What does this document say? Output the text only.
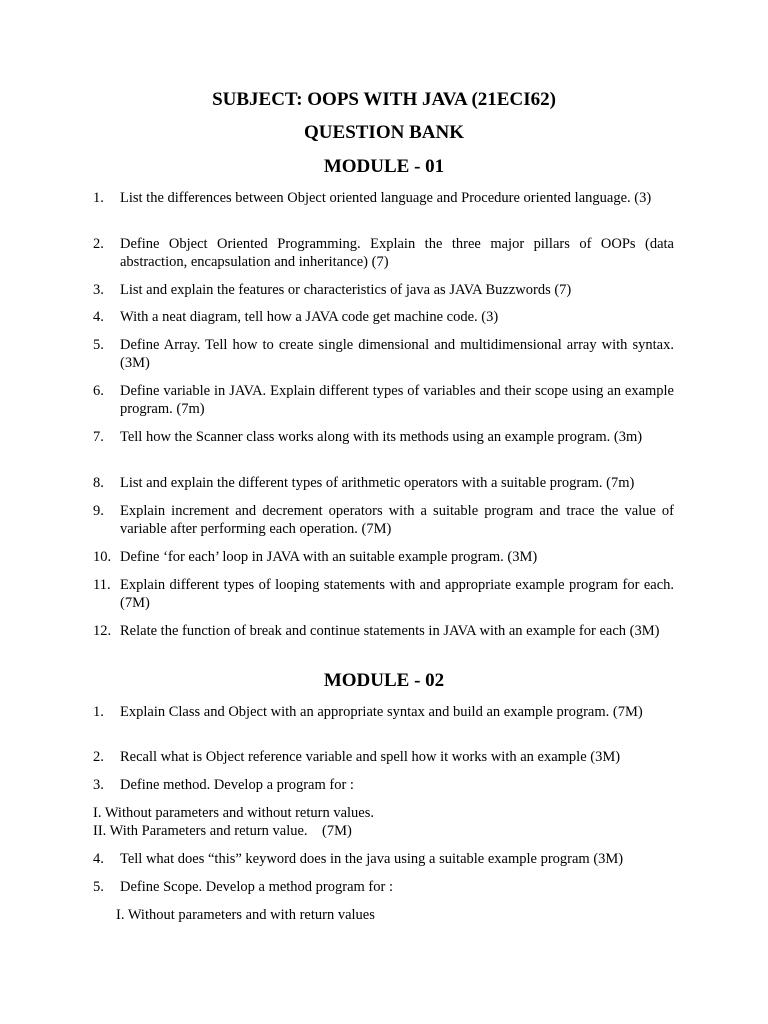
SUBJECT: OOPS WITH JAVA (21ECI62)
QUESTION BANK
MODULE - 01
1.	List the differences between Object oriented language and Procedure oriented language. (3)
2.	Define Object Oriented Programming. Explain the three major pillars of OOPs (data abstraction, encapsulation and inheritance) (7)
3.	List and explain the features or characteristics of java as JAVA Buzzwords (7)
4.	With a neat diagram, tell how a JAVA code get machine code. (3)
5.	Define Array. Tell how to create single dimensional and multidimensional array with syntax. (3M)
6.	Define variable in JAVA. Explain different types of variables and their scope using an example program. (7m)
7.	Tell how the Scanner class works along with its methods using an example program. (3m)
8.	List and explain the different types of arithmetic operators with a suitable program. (7m)
9.	Explain increment and decrement operators with a suitable program and trace the value of variable after performing each operation. (7M)
10. Define ‘for each’ loop in JAVA with an suitable example program. (3M)
11. Explain different types of looping statements with and appropriate example program for each. (7M)
12. Relate the function of break and continue statements in JAVA with an example for each (3M)
MODULE - 02
1.	Explain Class and Object with an appropriate syntax and build an example program. (7M)
2.	Recall what is Object reference variable and spell how it works with an example (3M)
3.	Define method. Develop a program for :
I. Without parameters and without return values.
II. With Parameters and return value.    (7M)
4.	Tell what does “this” keyword does in the java using a suitable example program (3M)
5.	Define Scope. Develop a method program for :
I. Without parameters and with return values
